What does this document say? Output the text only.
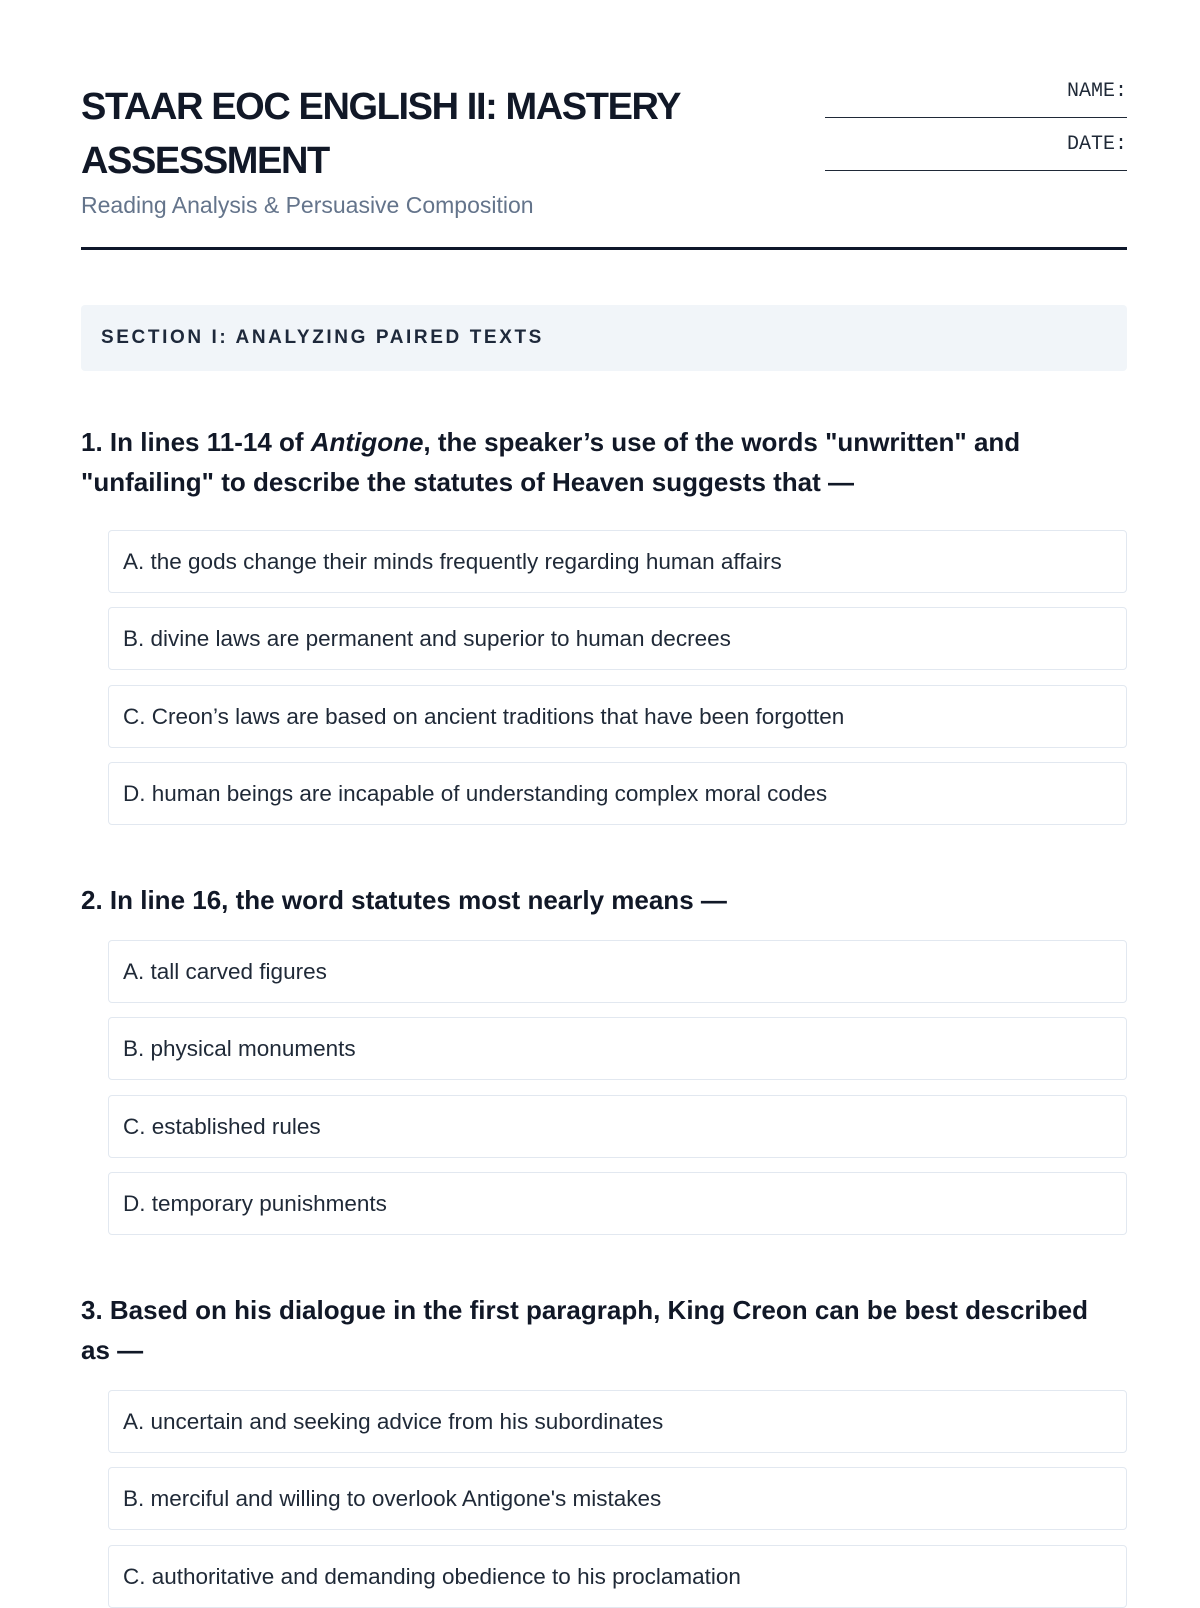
STAAR EOC ENGLISH II: MASTERY ASSESSMENT

Reading Analysis & Persuasive Composition

NAME:
DATE:
SECTION I: ANALYZING PAIRED TEXTS

1. In lines 11-14 of Antigone, the speaker’s use of the words "unwritten" and "unfailing" to describe the statutes of Heaven suggests that —

A. the gods change their minds frequently regarding human affairs
B. divine laws are permanent and superior to human decrees
C. Creon’s laws are based on ancient traditions that have been forgotten
D. human beings are incapable of understanding complex moral codes

2. In line 16, the word statutes most nearly means —

A. tall carved figures
B. physical monuments
C. established rules
D. temporary punishments

3. Based on his dialogue in the first paragraph, King Creon can be best described as —

A. uncertain and seeking advice from his subordinates
B. merciful and willing to overlook Antigone's mistakes
C. authoritative and demanding obedience to his proclamation
